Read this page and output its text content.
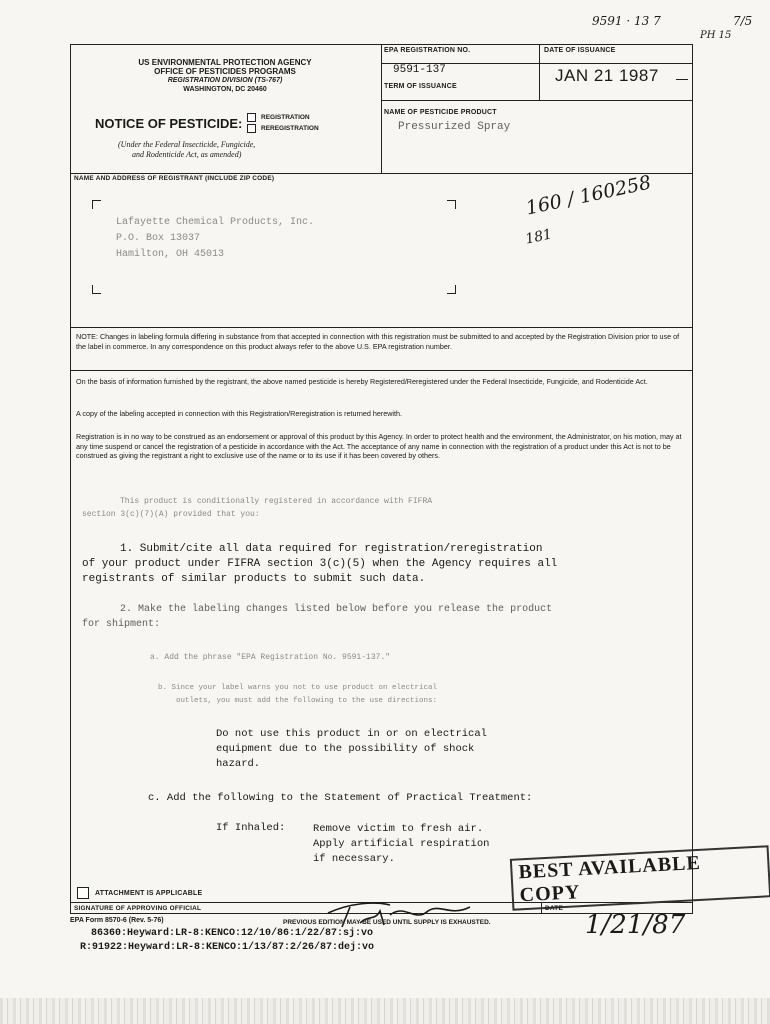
9591 · 13 7	7/5
PH 15
US ENVIRONMENTAL PROTECTION AGENCY
OFFICE OF PESTICIDES PROGRAMS
REGISTRATION DIVISION (TS-767)
WASHINGTON, DC 20460
NOTICE OF PESTICIDE:	REGISTRATION
REREGISTRATION
(Under the Federal Insecticide, Fungicide,
and Rodenticide Act, as amended)
EPA REGISTRATION NO.
9591-137
TERM OF ISSUANCE
DATE OF ISSUANCE
JAN 21 1987
NAME OF PESTICIDE PRODUCT
Pressurized Spray
NAME AND ADDRESS OF REGISTRANT (INCLUDE ZIP CODE)
Lafayette Chemical Products, Inc.
P.O. Box 13037
Hamilton, OH 45013
160 / 160258
181
NOTE: Changes in labeling formula differing in substance from that accepted in connection with this registration must be submitted to and accepted by the Registration Division prior to use of the label in commerce. In any correspondence on this product always refer to the above U.S. EPA registration number.
On the basis of information furnished by the registrant, the above named pesticide is hereby Registered/Reregistered under the Federal Insecticide, Fungicide, and Rodenticide Act.
A copy of the labeling accepted in connection with this Registration/Reregistration is returned herewith.
Registration is in no way to be construed as an endorsement or approval of this product by this Agency. In order to protect health and the environment, the Administrator, on his motion, may at any time suspend or cancel the registration of a pesticide in accordance with the Act. The acceptance of any name in connection with the registration of a product under this Act is not to be construed as giving the registrant a right to exclusive use of the name or to its use if it has been covered by others.
This product is conditionally registered in accordance with FIFRA
section 3(c)(7)(A) provided that you:
1. Submit/cite all data required for registration/reregistration
of your product under FIFRA section 3(c)(5) when the Agency requires all
registrants of similar products to submit such data.
2. Make the labeling changes listed below before you release the product
for shipment:
a. Add the phrase "EPA Registration No. 9591-137."
b. Since your label warns you not to use product on electrical
outlets, you must add the following to the use directions:
Do not use this product in or on electrical
equipment due to the possibility of shock
hazard.
c. Add the following to the Statement of Practical Treatment:
If Inhaled:	Remove victim to fresh air.
Apply artificial respiration
if necessary.	BEST AVAILABLE COPY
ATTACHMENT IS APPLICABLE
SIGNATURE OF APPROVING OFFICIAL	DATE
1/21/87
EPA Form 8570-6 (Rev. 5-76)	PREVIOUS EDITION MAY BE USED UNTIL SUPPLY IS EXHAUSTED.
86360:Heyward:LR-8:KENCO:12/10/86:1/22/87:sj:vo
R:91922:Heyward:LR-8:KENCO:1/13/87:2/26/87:dej:vo
